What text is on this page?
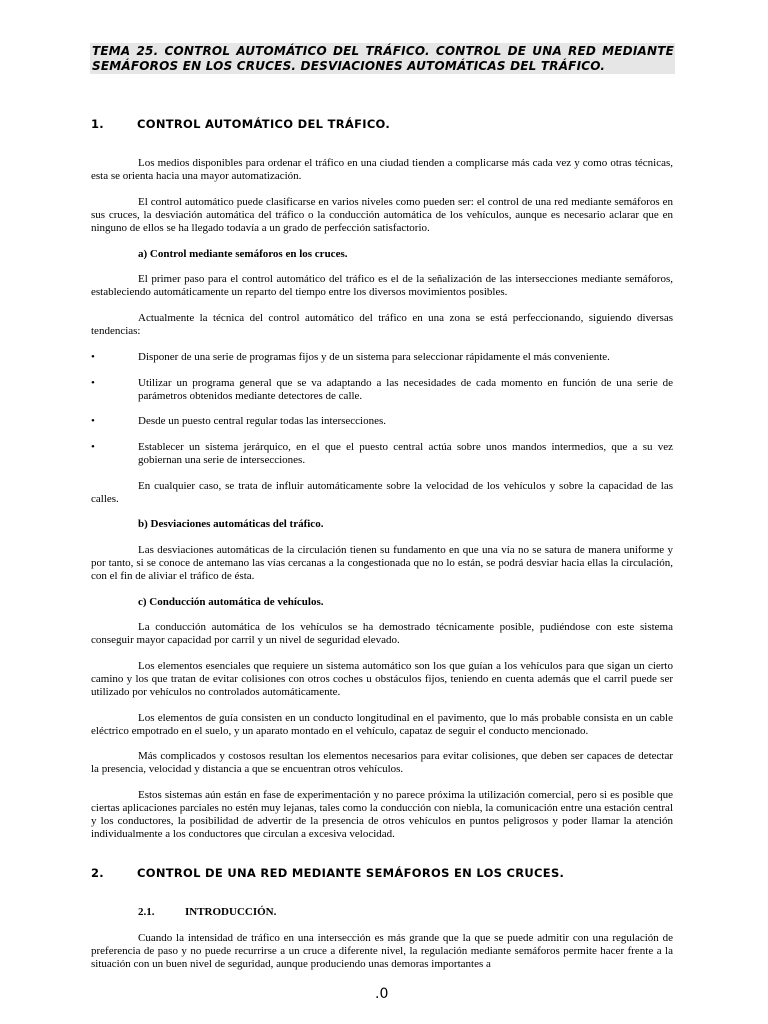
TEMA 25. CONTROL AUTOMÁTICO DEL TRÁFICO. CONTROL DE UNA RED MEDIANTE SEMÁFOROS EN LOS CRUCES. DESVIACIONES AUTOMÁTICAS DEL TRÁFICO.
1.	CONTROL AUTOMÁTICO DEL TRÁFICO.
Los medios disponibles para ordenar el tráfico en una ciudad tienden a complicarse más cada vez y como otras técnicas, esta se orienta hacia una mayor automatización.
El control automático puede clasificarse en varios niveles como pueden ser: el control de una red mediante semáforos en sus cruces, la desviación automática del tráfico o la conducción automática de los vehículos, aunque es necesario aclarar que en ninguno de ellos se ha llegado todavía a un grado de perfección satisfactorio.
a) Control mediante semáforos en los cruces.
El primer paso para el control automático del tráfico es el de la señalización de las intersecciones mediante semáforos, estableciendo automáticamente un reparto del tiempo entre los diversos movimientos posibles.
Actualmente la técnica del control automático del tráfico en una zona se está perfeccionando, siguiendo diversas tendencias:
•	Disponer de una serie de programas fijos y de un sistema para seleccionar rápidamente el más conveniente.
•	Utilizar un programa general que se va adaptando a las necesidades de cada momento en función de una serie de parámetros obtenidos mediante detectores de calle.
•	Desde un puesto central regular todas las intersecciones.
•	Establecer un sistema jerárquico, en el que el puesto central actúa sobre unos mandos intermedios, que a su vez gobiernan una serie de intersecciones.
En cualquier caso, se trata de influir automáticamente sobre la velocidad de los vehículos y sobre la capacidad de las calles.
b) Desviaciones automáticas del tráfico.
Las desviaciones automáticas de la circulación tienen su fundamento en que una vía no se satura de manera uniforme y por tanto, si se conoce de antemano las vías cercanas a la congestionada que no lo están, se podrá desviar hacia ellas la circulación, con el fin de aliviar el tráfico de ésta.
c) Conducción automática de vehículos.
La conducción automática de los vehículos se ha demostrado técnicamente posible, pudiéndose con este sistema conseguir mayor capacidad por carril y un nivel de seguridad elevado.
Los elementos esenciales que requiere un sistema automático son los que guían a los vehículos para que sigan un cierto camino y los que tratan de evitar colisiones con otros coches u obstáculos fijos, teniendo en cuenta además que el carril puede ser utilizado por vehículos no controlados automáticamente.
Los elementos de guía consisten en un conducto longitudinal en el pavimento, que lo más probable consista en un cable eléctrico empotrado en el suelo, y un aparato montado en el vehículo, capataz de seguir el conducto mencionado.
Más complicados y costosos resultan los elementos necesarios para evitar colisiones, que deben ser capaces de detectar la presencia, velocidad y distancia a que se encuentran otros vehículos.
Estos sistemas aún están en fase de experimentación y no parece próxima la utilización comercial, pero si es posible que ciertas aplicaciones parciales no estén muy lejanas, tales como la conducción con niebla, la comunicación entre una estación central y los conductores, la posibilidad de advertir de la presencia de otros vehículos en puntos peligrosos y poder llamar la atención individualmente a los conductores que circulan a excesiva velocidad.
2.	CONTROL DE UNA RED MEDIANTE SEMÁFOROS EN LOS CRUCES.
2.1.	INTRODUCCIÓN.
Cuando la intensidad de tráfico en una intersección es más grande que la que se puede admitir con una regulación de preferencia de paso y no puede recurrirse a un cruce a diferente nivel, la regulación mediante semáforos permite hacer frente a la situación con un buen nivel de seguridad, aunque produciendo unas demoras importantes a
.0
